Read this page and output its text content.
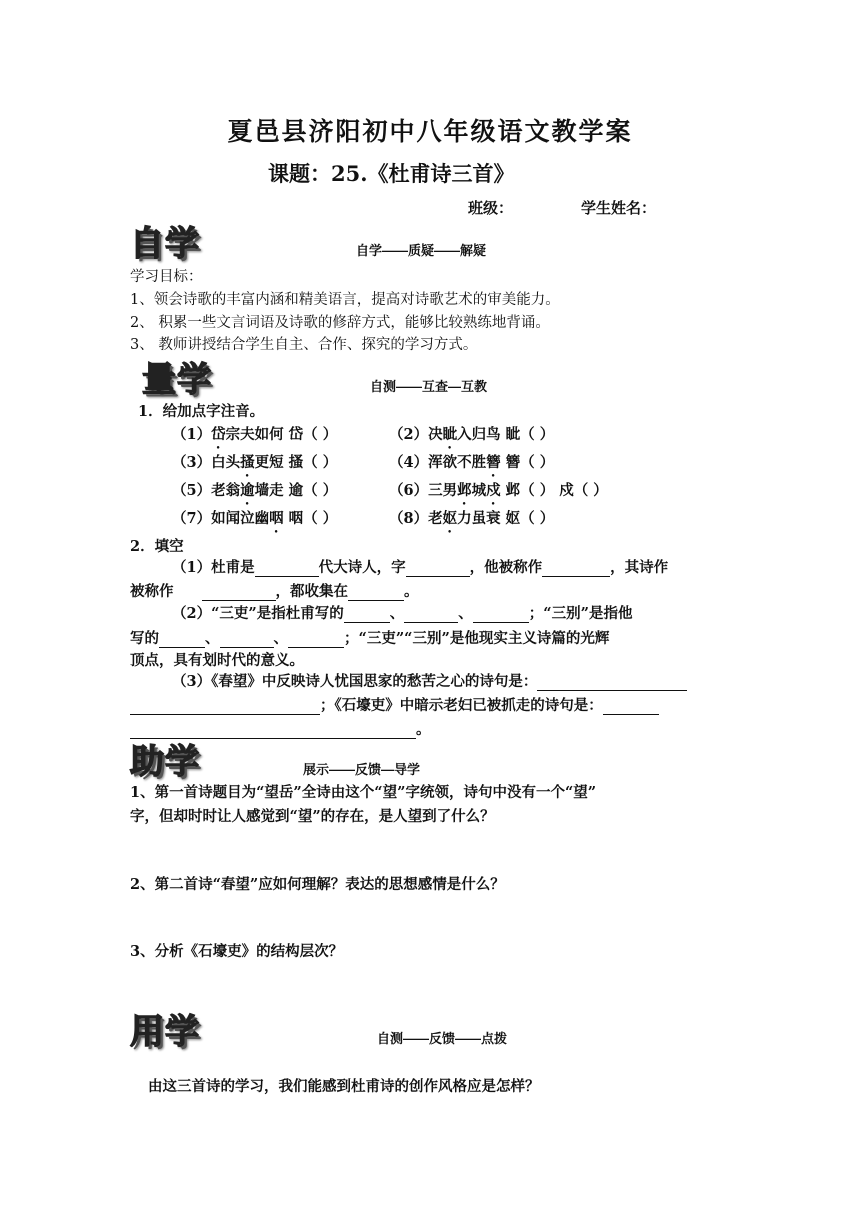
夏邑县济阳初中八年级语文教学案
课题：25.《杜甫诗三首》
班级：	学生姓名：
自学	自学——质疑——解疑
学习目标：
1、领会诗歌的丰富内涵和精美语言，提高对诗歌艺术的审美能力。
2、 积累一些文言词语及诗歌的修辞方式，能够比较熟练地背诵。
3、 教师讲授结合学生自主、合作、探究的学习方式。
量学	自测——互查—互教
1．给加点字注音。
（1）岱宗夫如何 岱（ ）	（2）决眦入归鸟 眦（ ）
（3）白头搔更短 搔（ ）	（4）浑欲不胜簪 簪（ ）
（5）老翁逾墙走 逾（ ）	（6）三男邺城戍 邺（ ） 戍（ ）
（7）如闻泣幽咽 咽（ ）	（8）老妪力虽衰 妪（ ）
2．填空
（1）杜甫是	代大诗人，字	，他被称作	，其诗作
被称作	，都收集在	。
（2）“三吏”是指杜甫写的	、	、	；“三别”是指他
写的	、	、	；“三吏”“三别”是他现实主义诗篇的光辉
顶点，具有划时代的意义。
（3）《春望》中反映诗人忧国思家的愁苦之心的诗句是：
；《石壕吏》中暗示老妇已被抓走的诗句是：
。
助学	展示——反馈—导学
1、第一首诗题目为“望岳”全诗由这个“望”字统领，诗句中没有一个“望”
字，但却时时让人感觉到“望”的存在，是人望到了什么？
2、第二首诗“春望”应如何理解？表达的思想感情是什么？
3、分析《石壕吏》的结构层次？
用学	自测——反馈——点拨
由这三首诗的学习，我们能感到杜甫诗的创作风格应是怎样？
